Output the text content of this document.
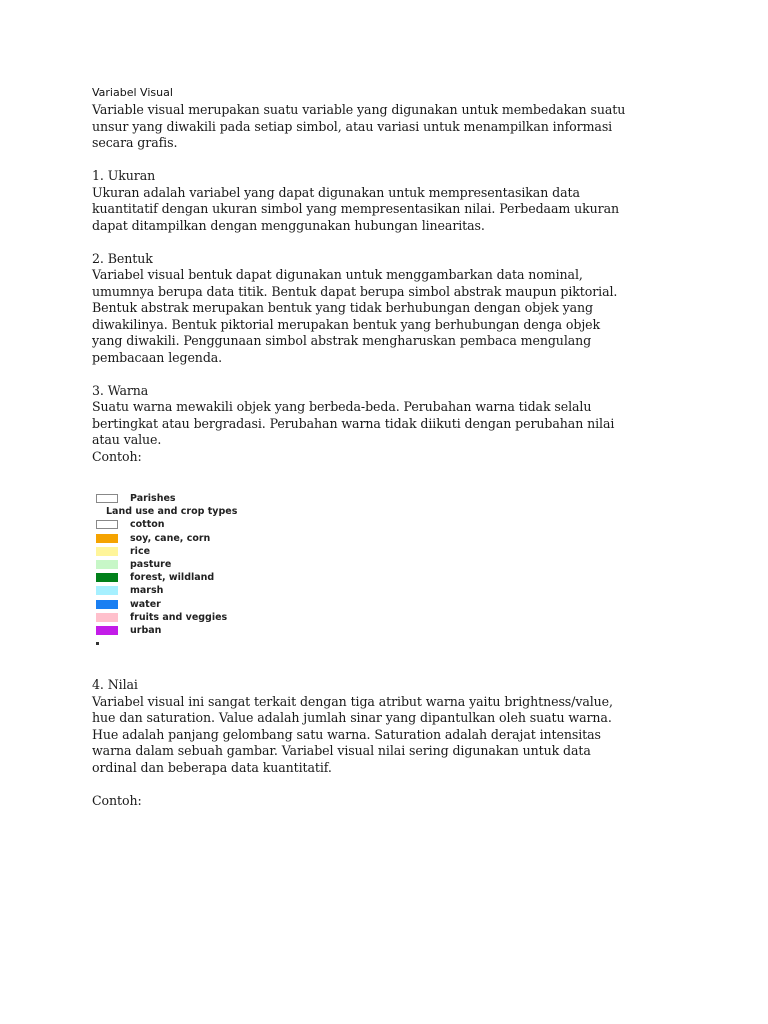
Variabel Visual

Variable visual merupakan suatu variable yang digunakan untuk membedakan suatu
unsur yang diwakili pada setiap simbol, atau variasi untuk menampilkan informasi
secara grafis.

1. Ukuran

Ukuran adalah variabel yang dapat digunakan untuk mempresentasikan data
kuantitatif dengan ukuran simbol yang mempresentasikan nilai. Perbedaam ukuran
dapat ditampilkan dengan menggunakan hubungan linearitas.

2. Bentuk

Variabel visual bentuk dapat digunakan untuk menggambarkan data nominal,
umumnya berupa data titik. Bentuk dapat berupa simbol abstrak maupun piktorial.
Bentuk abstrak merupakan bentuk yang tidak berhubungan dengan objek yang
diwakilinya. Bentuk piktorial merupakan bentuk yang berhubungan denga objek
yang diwakili. Penggunaan simbol abstrak mengharuskan pembaca mengulang
pembacaan legenda.

3. Warna

Suatu warna mewakili objek yang berbeda-beda. Perubahan warna tidak selalu
bertingkat atau bergradasi. Perubahan warna tidak diikuti dengan perubahan nilai
atau value.

Contoh:

Parishes
Land use and crop types
cotton
soy, cane, corn
rice
pasture
forest, wildland
marsh
water
fruits and veggies
urban

4. Nilai

Variabel visual ini sangat terkait dengan tiga atribut warna yaitu brightness/value,
hue dan saturation. Value adalah jumlah sinar yang dipantulkan oleh suatu warna.
Hue adalah panjang gelombang satu warna. Saturation adalah derajat intensitas
warna dalam sebuah gambar. Variabel visual nilai sering digunakan untuk data
ordinal dan beberapa data kuantitatif.

Contoh:
